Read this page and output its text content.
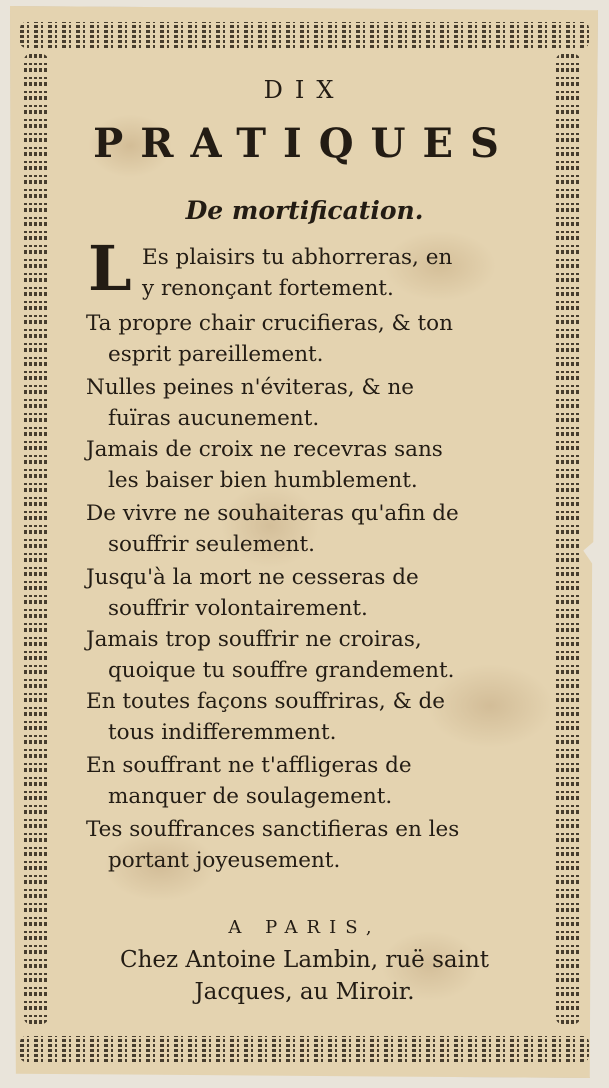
DIX
PRATIQUES
De mortification.
L Es plaisirs tu abhorreras, en
y renonçant fortement.
Ta propre chair crucifieras, & ton
esprit pareillement.
Nulles peines n'éviteras, & ne
fuïras aucunement.
Jamais de croix ne recevras sans
les baiser bien humblement.
De vivre ne souhaiteras qu'afin de
souffrir seulement.
Jusqu'à la mort ne cesseras de
souffrir volontairement.
Jamais trop souffrir ne croiras,
quoique tu souffre grandement.
En toutes façons souffriras, & de
tous indifferemment.
En souffrant ne t'affligeras de
manquer de soulagement.
Tes souffrances sanctifieras en les
portant joyeusement.
A PARIS,
Chez Antoine Lambin, ruë saint
Jacques, au Miroir.
